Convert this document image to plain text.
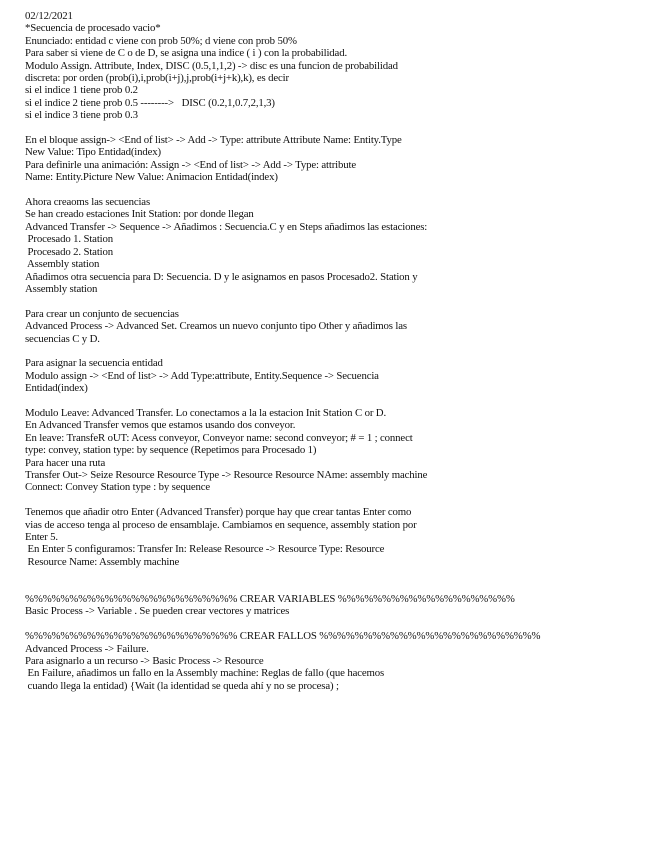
02/12/2021
*Secuencia de procesado vacio*
Enunciado: entidad c viene con prob 50%; d viene con prob 50%
Para saber si viene de C o de D, se asigna una indice ( i ) con la probabilidad.
Modulo Assign. Attribute, Index, DISC (0.5,1,1,2) -> disc es una funcion de probabilidad
discreta: por orden (prob(i),i,prob(i+j),j,prob(i+j+k),k), es decir
si el indice 1 tiene prob 0.2
si el indice 2 tiene prob 0.5 -------->   DISC (0.2,1,0.7,2,1,3)
si el indice 3 tiene prob 0.3
En el bloque assign-> <End of list> -> Add -> Type: attribute Attribute Name: Entity.Type
New Value: Tipo Entidad(index)
Para definirle una animación: Assign -> <End of list> -> Add -> Type: attribute
Name: Entity.Picture New Value: Animacion Entidad(index)
Ahora creaoms las secuencias
Se han creado estaciones Init Station: por donde llegan
Advanced Transfer -> Sequence -> Añadimos : Secuencia.C y en Steps añadimos las estaciones:
Procesado 1. Station
Procesado 2. Station
Assembly station
Añadimos otra secuencia para D: Secuencia. D y le asignamos en pasos Procesado2. Station y
Assembly station
Para crear un conjunto de secuencias
Advanced Process -> Advanced Set. Creamos un nuevo conjunto tipo Other y añadimos las
secuencias C y D.
Para asignar la secuencia entidad
Modulo assign -> <End of list> -> Add Type:attribute, Entity.Sequence -> Secuencia
Entidad(index)
Modulo Leave: Advanced Transfer. Lo conectamos a la la estacion Init Station C or D.
En Advanced Transfer vemos que estamos usando dos conveyor.
En leave: TransfeR oUT: Acess conveyor, Conveyor name: second conveyor; # = 1 ; connect
type: convey, station type: by sequence (Repetimos para Procesado 1)
Para hacer una ruta
Transfer Out-> Seize Resource Resource Type -> Resource Resource NAme: assembly machine
Connect: Convey Station type : by sequence
Tenemos que añadir otro Enter (Advanced Transfer) porque hay que crear tantas Enter como
vias de acceso tenga al proceso de ensamblaje. Cambiamos en sequence, assembly station por
Enter 5.
En Enter 5 configuramos: Transfer In: Release Resource -> Resource Type: Resource
Resource Name: Assembly machine
%%%%%%%%%%%%%%%%%%%%%%%% CREAR VARIABLES %%%%%%%%%%%%%%%%%%%%
Basic Process -> Variable . Se pueden crear vectores y matrices
%%%%%%%%%%%%%%%%%%%%%%%% CREAR FALLOS %%%%%%%%%%%%%%%%%%%%%%%%%
Advanced Process -> Failure.
Para asignarlo a un recurso -> Basic Process -> Resource
En Failure, añadimos un fallo en la Assembly machine: Reglas de fallo (que hacemos
cuando llega la entidad) {Wait (la identidad se queda ahí y no se procesa) ;
